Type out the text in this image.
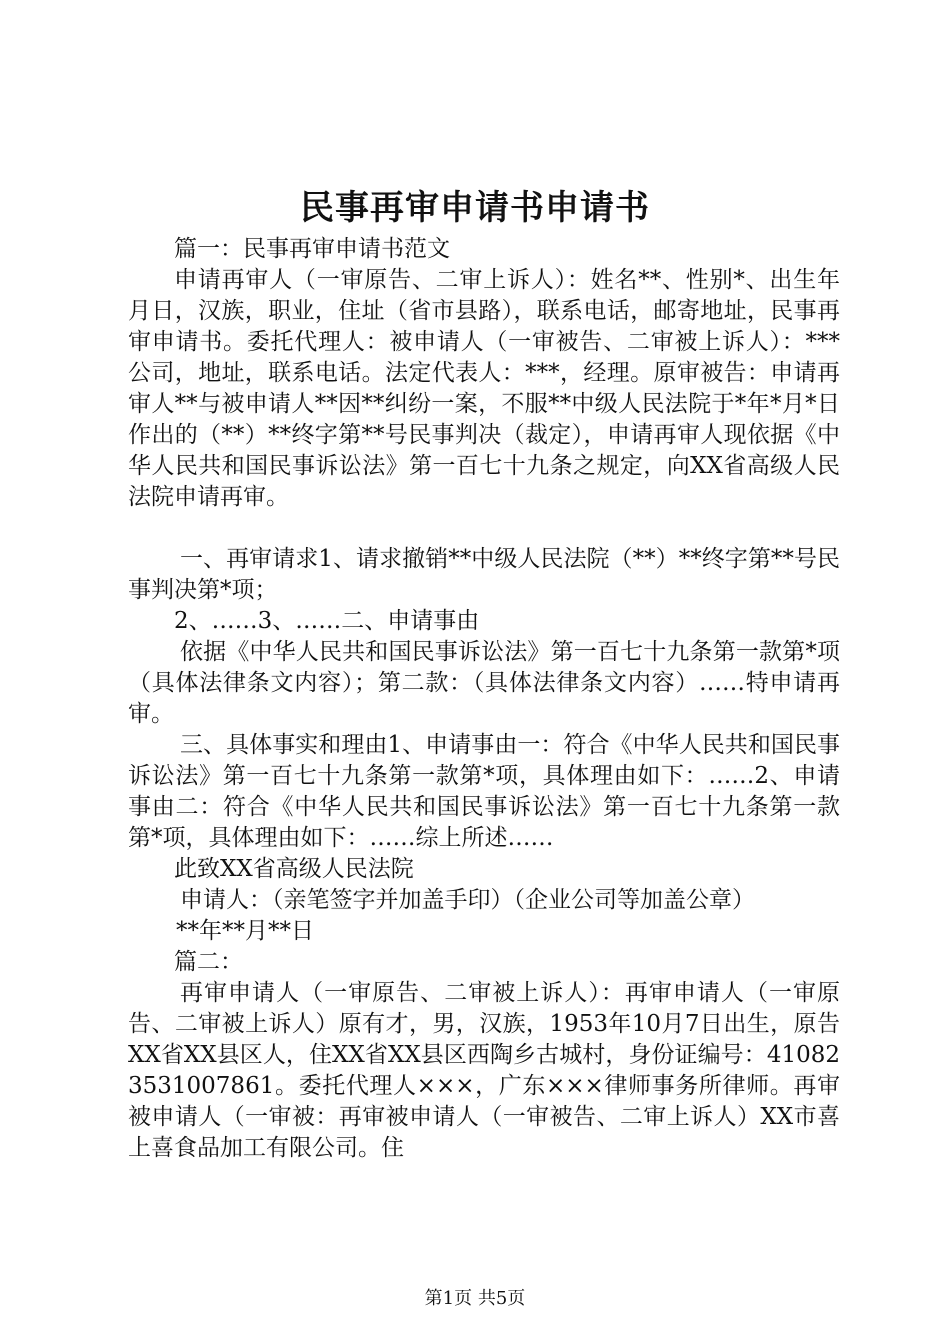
民事再审申请书申请书

篇一：民事再审申请书范文

申请再审人（一审原告、二审上诉人）：姓名**、性别*、出生年月日，汉族，职业，住址（省市县路），联系电话，邮寄地址，民事再审申请书。委托代理人：被申请人（一审被告、二审被上诉人）：***公司，地址，联系电话。法定代表人：***，经理。原审被告：申请再审人**与被申请人**因**纠纷一案，不服**中级人民法院于*年*月*日作出的（**）**终字第**号民事判决（裁定），申请再审人现依据《中华人民共和国民事诉讼法》第一百七十九条之规定，向XX省高级人民法院申请再审。

一、再审请求1、请求撤销**中级人民法院（**）**终字第**号民事判决第*项；

2、……3、……二、申请事由

依据《中华人民共和国民事诉讼法》第一百七十九条第一款第*项（具体法律条文内容）；第二款：（具体法律条文内容）……特申请再审。

三、具体事实和理由1、申请事由一：符合《中华人民共和国民事诉讼法》第一百七十九条第一款第*项，具体理由如下：……2、申请事由二：符合《中华人民共和国民事诉讼法》第一百七十九条第一款第*项，具体理由如下：……综上所述……

此致XX省高级人民法院

申请人：（亲笔签字并加盖手印）（企业公司等加盖公章）

**年**月**日

篇二：

再审申请人（一审原告、二审被上诉人）：再审申请人（一审原告、二审被上诉人）原有才，男，汉族，1953年10月7日出生，原告XX省XX县区人，住XX省XX县区西陶乡古城村，身份证编号：410823531007861。委托代理人×××，广东×××律师事务所律师。再审被申请人（一审被：再审被申请人（一审被告、二审上诉人）XX市喜上喜食品加工有限公司。住

第1页 共5页
